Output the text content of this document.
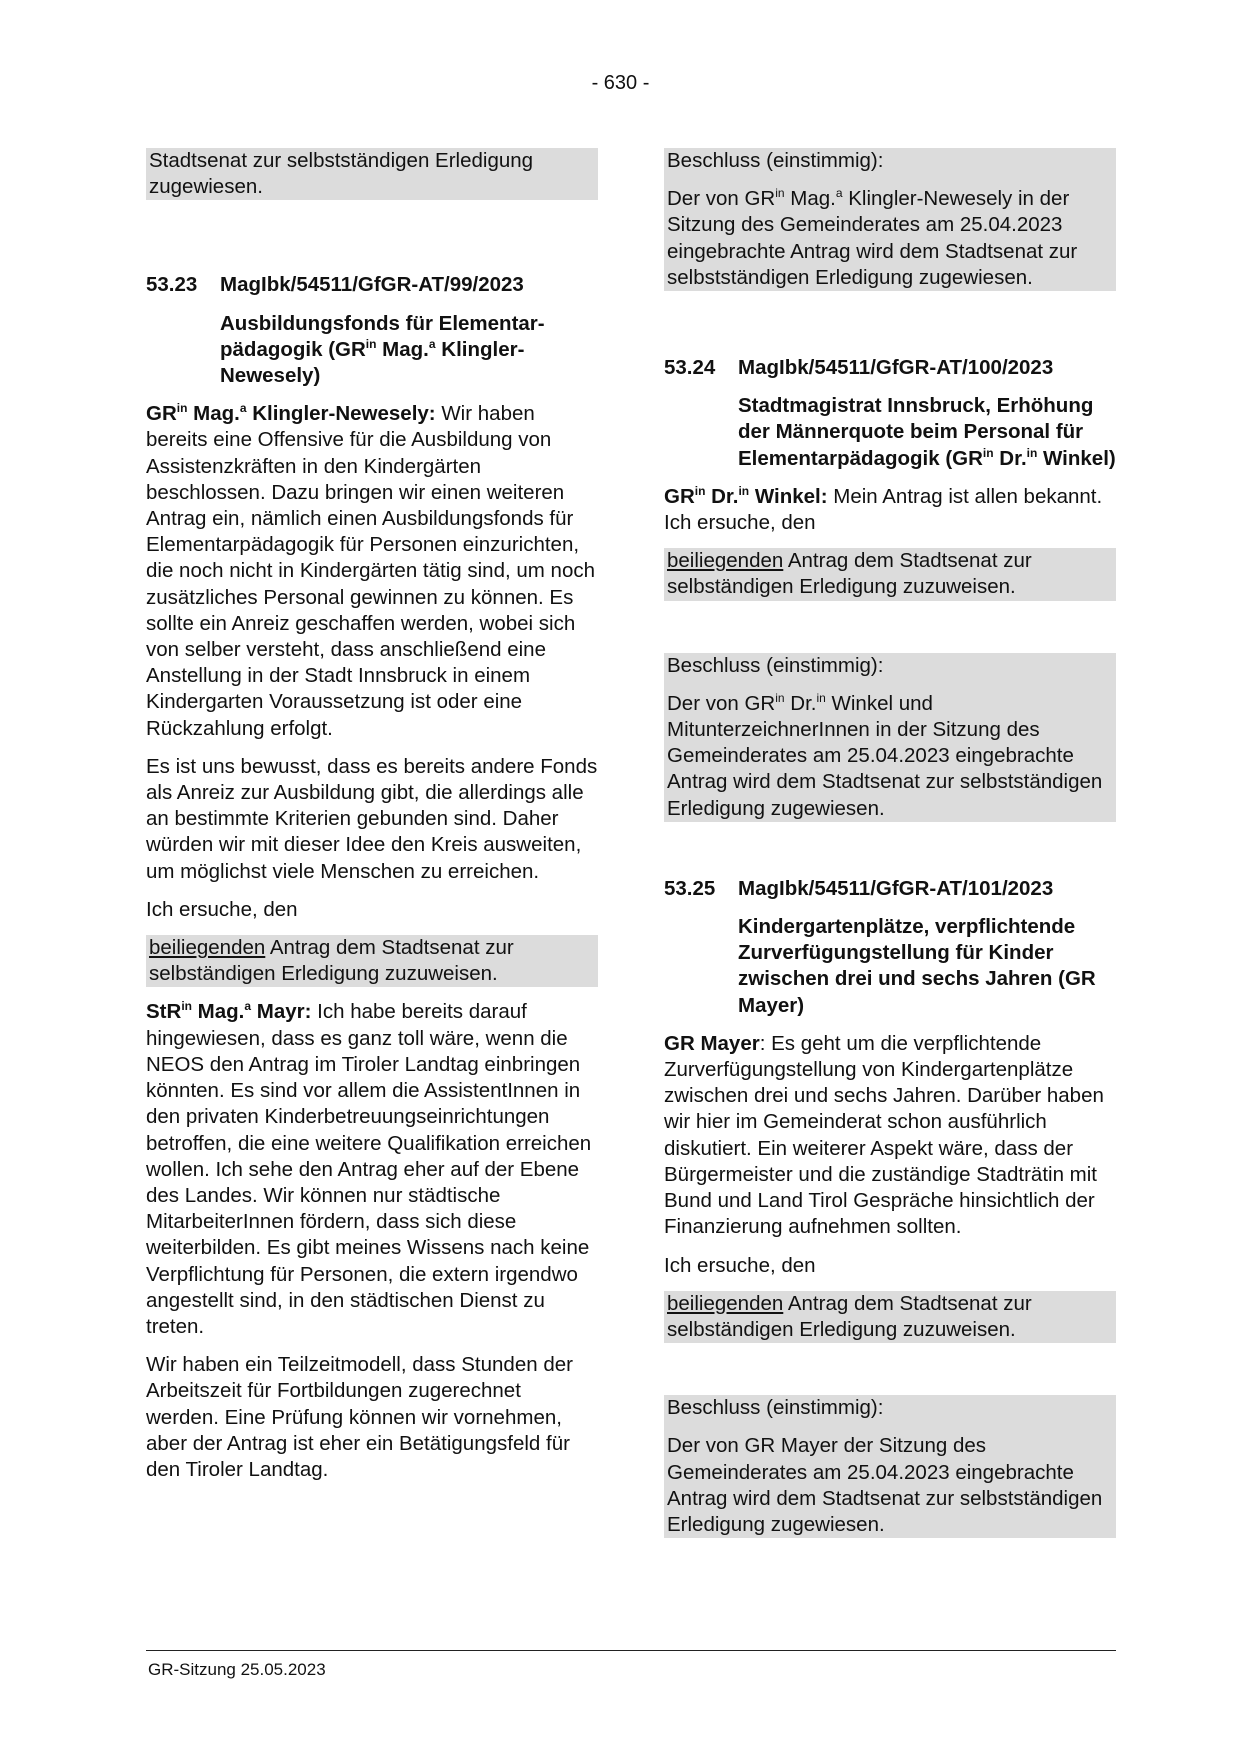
- 630 -

Stadtsenat zur selbstständigen Erledigung zugewiesen.

53.23	MagIbk/54511/GfGR-AT/99/2023

Ausbildungsfonds für Elementar-pädagogik ($GR^{in}$ Mag.$^a$ Klingler-Newesely)

$GR^{in}$ Mag.$^a$ Klingler-Newesely: Wir haben bereits eine Offensive für die Ausbildung von Assistenzkräften in den Kindergärten beschlossen. Dazu bringen wir einen weiteren Antrag ein, nämlich einen Ausbildungsfonds für Elementarpädagogik für Personen einzurichten, die noch nicht in Kindergärten tätig sind, um noch zusätzliches Personal gewinnen zu können. Es sollte ein Anreiz geschaffen werden, wobei sich von selber versteht, dass anschließend eine Anstellung in der Stadt Innsbruck in einem Kindergarten Voraussetzung ist oder eine Rückzahlung erfolgt.

Es ist uns bewusst, dass es bereits andere Fonds als Anreiz zur Ausbildung gibt, die allerdings alle an bestimmte Kriterien gebunden sind. Daher würden wir mit dieser Idee den Kreis ausweiten, um möglichst viele Menschen zu erreichen.

Ich ersuche, den

beiliegenden Antrag dem Stadtsenat zur selbständigen Erledigung zuzuweisen.

StR$^{in}$ Mag.$^a$ Mayr: Ich habe bereits darauf hingewiesen, dass es ganz toll wäre, wenn die NEOS den Antrag im Tiroler Landtag einbringen könnten. Es sind vor allem die AssistentInnen in den privaten Kinderbetreuungseinrichtungen betroffen, die eine weitere Qualifikation erreichen wollen. Ich sehe den Antrag eher auf der Ebene des Landes. Wir können nur städtische MitarbeiterInnen fördern, dass sich diese weiterbilden. Es gibt meines Wissens nach keine Verpflichtung für Personen, die extern irgendwo angestellt sind, in den städtischen Dienst zu treten.

Wir haben ein Teilzeitmodell, dass Stunden der Arbeitszeit für Fortbildungen zugerechnet werden. Eine Prüfung können wir vornehmen, aber der Antrag ist eher ein Betätigungsfeld für den Tiroler Landtag.

Beschluss (einstimmig):

Der von $GR^{in}$ Mag.$^a$ Klingler-Newesely in der Sitzung des Gemeinderates am 25.04.2023 eingebrachte Antrag wird dem Stadtsenat zur selbstständigen Erledigung zugewiesen.

53.24	MagIbk/54511/GfGR-AT/100/2023

Stadtmagistrat Innsbruck, Erhöhung der Männerquote beim Personal für Elementarpädagogik ($GR^{in}$ Dr.$^{in}$ Winkel)

$GR^{in}$ Dr.$^{in}$ Winkel: Mein Antrag ist allen bekannt. Ich ersuche, den

beiliegenden Antrag dem Stadtsenat zur selbständigen Erledigung zuzuweisen.

Beschluss (einstimmig):

Der von $GR^{in}$ Dr.$^{in}$ Winkel und MitunterzeichnerInnen in der Sitzung des Gemeinderates am 25.04.2023 eingebrachte Antrag wird dem Stadtsenat zur selbstständigen Erledigung zugewiesen.

53.25	MagIbk/54511/GfGR-AT/101/2023

Kindergartenplätze, verpflichtende Zurverfügungstellung für Kinder zwischen drei und sechs Jahren (GR Mayer)

GR Mayer: Es geht um die verpflichtende Zurverfügungstellung von Kindergartenplätze zwischen drei und sechs Jahren. Darüber haben wir hier im Gemeinderat schon ausführlich diskutiert. Ein weiterer Aspekt wäre, dass der Bürgermeister und die zuständige Stadträtin mit Bund und Land Tirol Gespräche hinsichtlich der Finanzierung aufnehmen sollten.

Ich ersuche, den

beiliegenden Antrag dem Stadtsenat zur selbständigen Erledigung zuzuweisen.

Beschluss (einstimmig):

Der von GR Mayer der Sitzung des Gemeinderates am 25.04.2023 eingebrachte Antrag wird dem Stadtsenat zur selbstständigen Erledigung zugewiesen.

GR-Sitzung 25.05.2023
